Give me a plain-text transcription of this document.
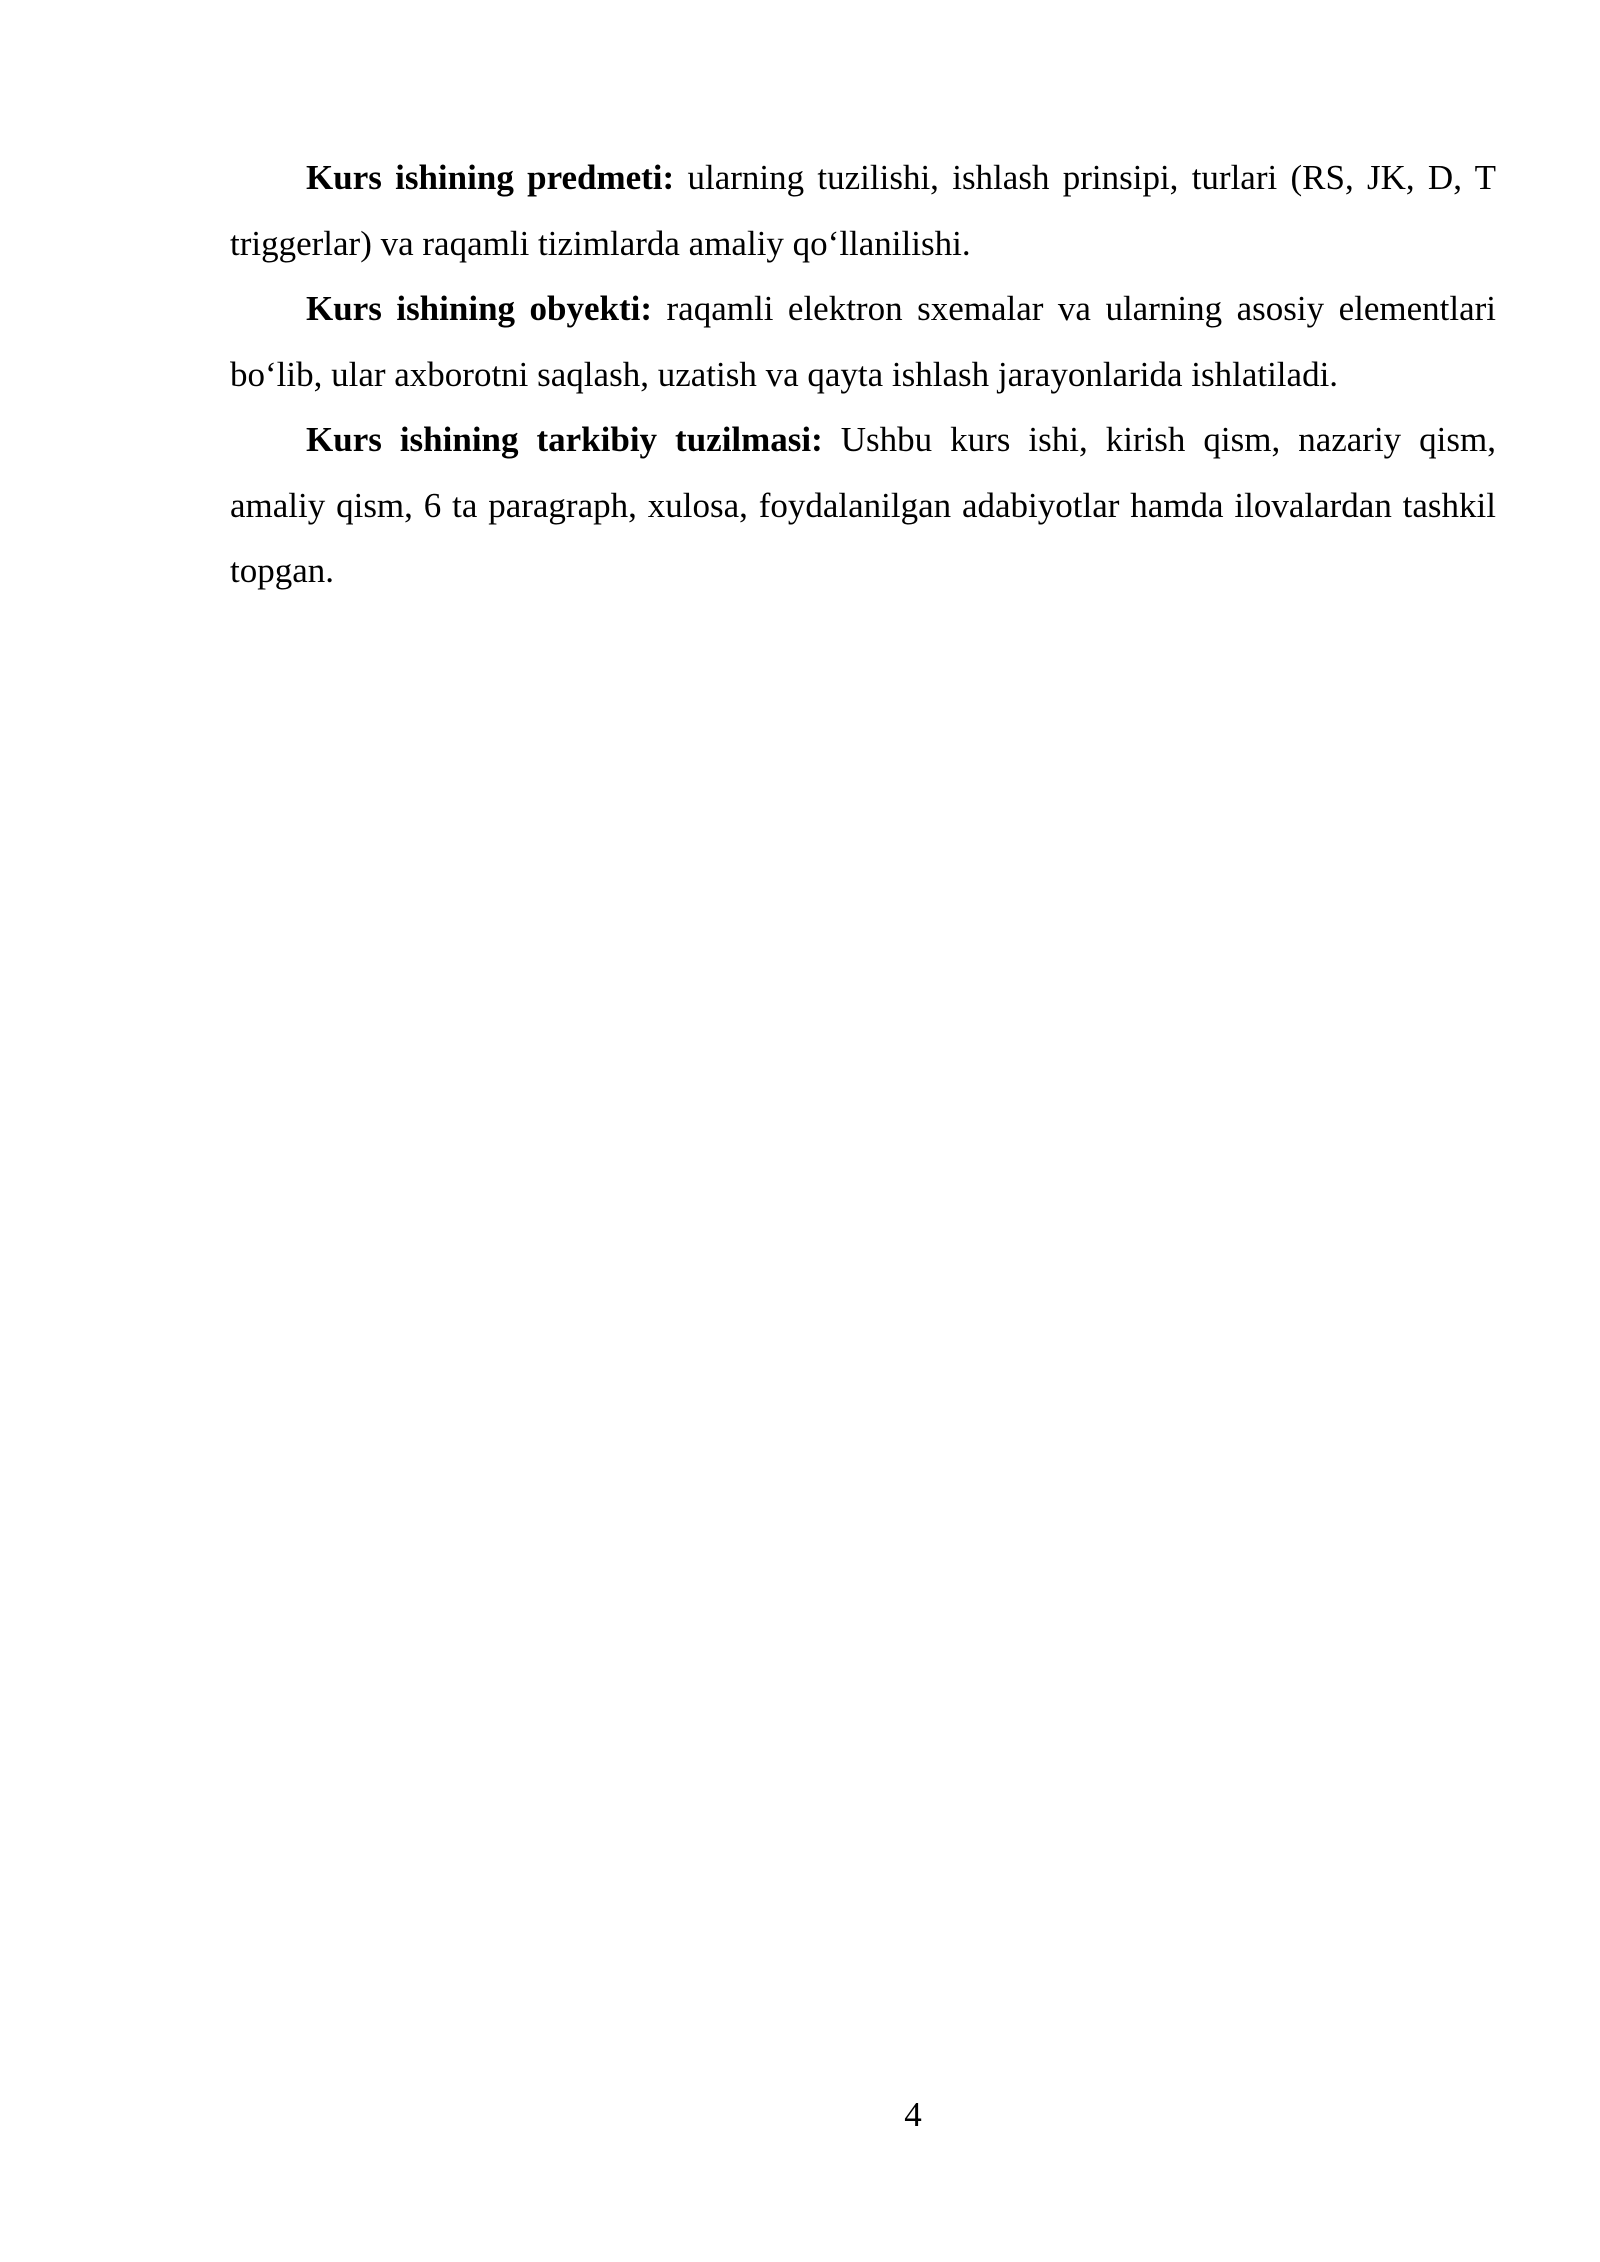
Kurs ishining predmeti: ularning tuzilishi, ishlash prinsipi, turlari (RS, JK, D, T triggerlar) va raqamli tizimlarda amaliy qo‘llanilishi.

Kurs ishining obyekti: raqamli elektron sxemalar va ularning asosiy elementlari bo‘lib, ular axborotni saqlash, uzatish va qayta ishlash jarayonlarida ishlatiladi.

Kurs ishining tarkibiy tuzilmasi: Ushbu kurs ishi, kirish qism, nazariy qism, amaliy qism, 6 ta paragraph, xulosa, foydalanilgan adabiyotlar hamda ilovalardan tashkil topgan.

4
